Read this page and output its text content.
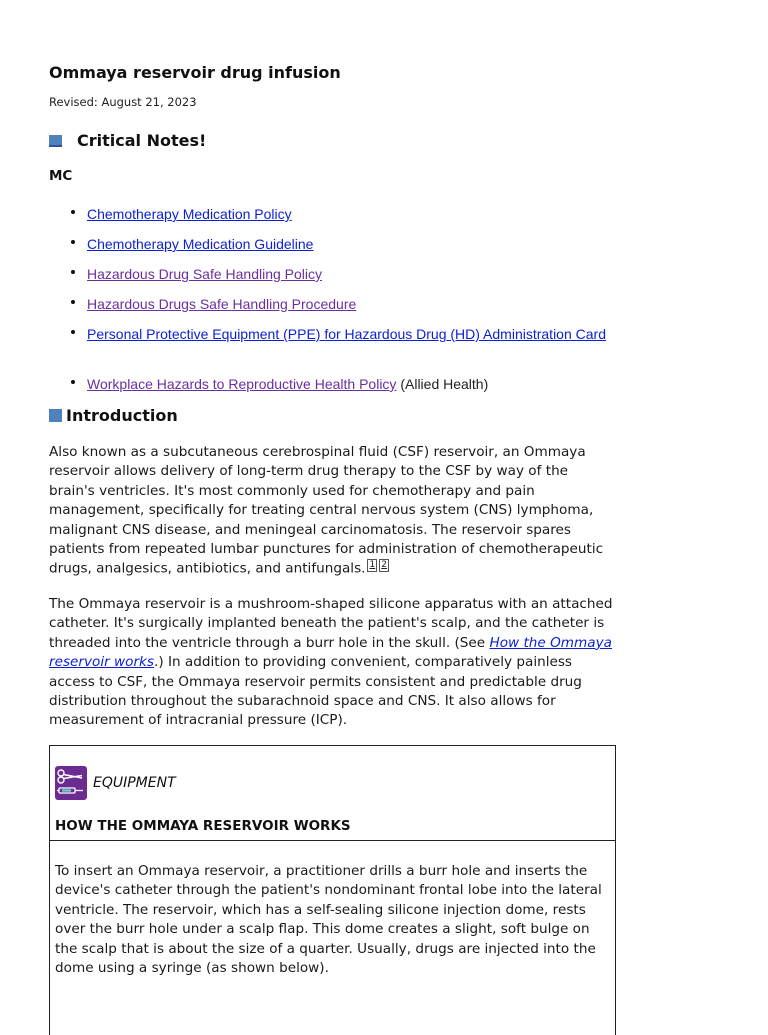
Ommaya reservoir drug infusion
Revised: August 21, 2023
Critical Notes!
MC
Chemotherapy Medication Policy
Chemotherapy Medication Guideline
Hazardous Drug Safe Handling Policy
Hazardous Drugs Safe Handling Procedure
Personal Protective Equipment (PPE) for Hazardous Drug (HD) Administration Card
Workplace Hazards to Reproductive Health Policy (Allied Health)
Introduction

Also known as a subcutaneous cerebrospinal fluid (CSF) reservoir, an Ommaya reservoir allows delivery of long-term drug therapy to the CSF by way of the brain's ventricles. It's most commonly used for chemotherapy and pain management, specifically for treating central nervous system (CNS) lymphoma, malignant CNS disease, and meningeal carcinomatosis. The reservoir spares patients from repeated lumbar punctures for administration of chemotherapeutic drugs, analgesics, antibiotics, and antifungals. 1 2

The Ommaya reservoir is a mushroom-shaped silicone apparatus with an attached catheter. It's surgically implanted beneath the patient's scalp, and the catheter is threaded into the ventricle through a burr hole in the skull. (See How the Ommaya reservoir works.) In addition to providing convenient, comparatively painless access to CSF, the Ommaya reservoir permits consistent and predictable drug distribution throughout the subarachnoid space and CNS. It also allows for measurement of intracranial pressure (ICP).

EQUIPMENT
HOW THE OMMAYA RESERVOIR WORKS

To insert an Ommaya reservoir, a practitioner drills a burr hole and inserts the device's catheter through the patient's nondominant frontal lobe into the lateral ventricle. The reservoir, which has a self-sealing silicone injection dome, rests over the burr hole under a scalp flap. This dome creates a slight, soft bulge on the scalp that is about the size of a quarter. Usually, drugs are injected into the dome using a syringe (as shown below).
